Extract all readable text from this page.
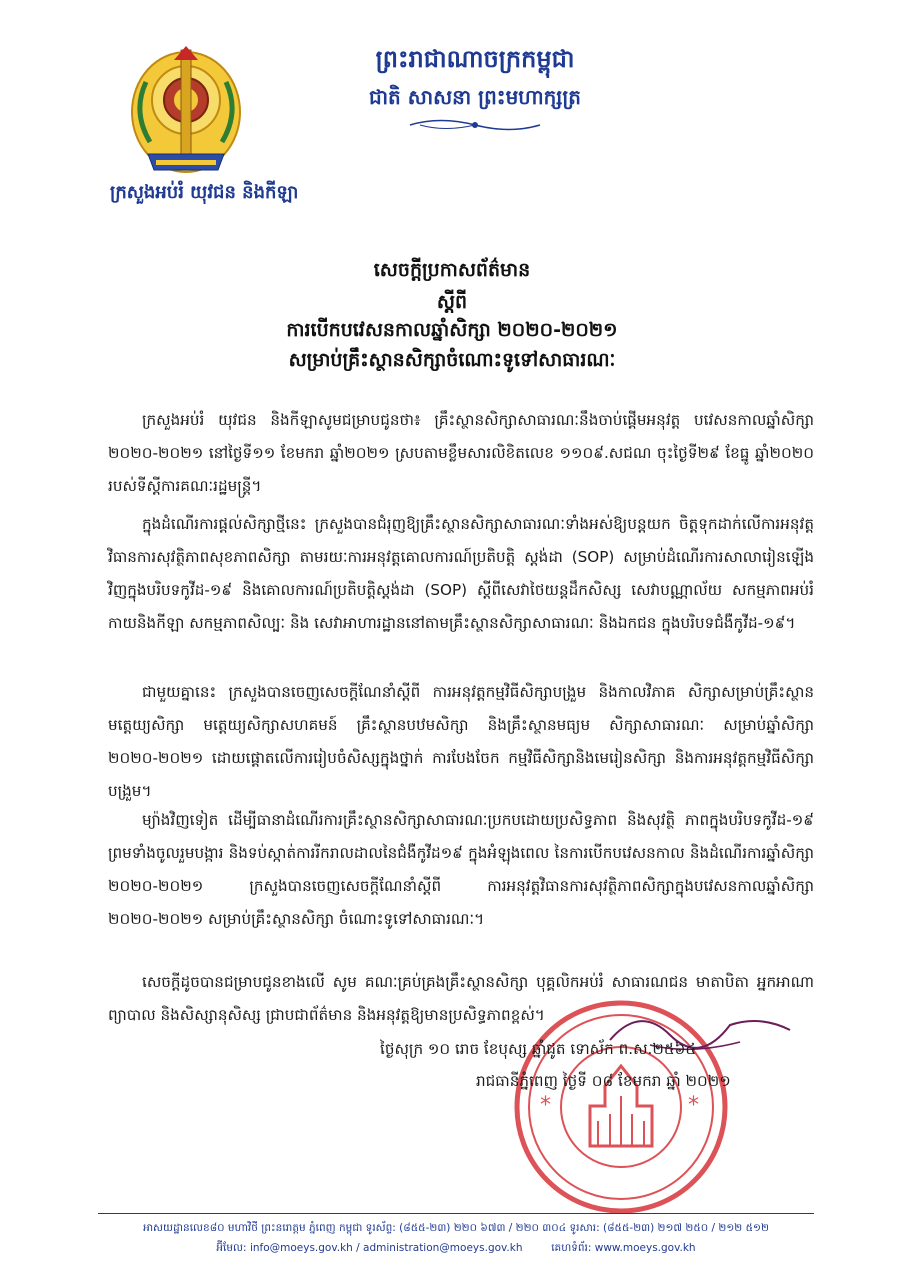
ព្រះរាជាណាចក្រកម្ពុជា
ជាតិ សាសនា ព្រះមហាក្សត្រ
ក្រសួងអប់រំ យុវជន និងកីឡា
សេចក្តីប្រកាសព័ត៌មាន
ស្តីពី
ការបើកបវេសនកាលឆ្នាំសិក្សា ២០២០-២០២១
សម្រាប់គ្រឹះស្ថានសិក្សាចំណោះទូទៅសាធារណៈ
ក្រសួងអប់រំ យុវជន និងកីឡាសូមជម្រាបជូនថា៖ គ្រឹះស្ថានសិក្សាសាធារណៈនឹងចាប់ផ្តើមអនុវត្ត បវេសនកាលឆ្នាំសិក្សា ២០២០-២០២១ នៅថ្ងៃទី១១ ខែមករា ឆ្នាំ២០២១ ស្របតាមខ្លឹមសារលិខិតលេខ ១១០៩.សជណ ចុះថ្ងៃទី២៩ ខែធ្នូ ឆ្នាំ២០២០ របស់ទីស្តីការគណៈរដ្ឋមន្ត្រី។
ក្នុងដំណើរការផ្តល់សិក្សាថ្មីនេះ ក្រសួងបានជំរុញឱ្យគ្រឹះស្ថានសិក្សាសាធារណៈទាំងអស់ឱ្យបន្តយក ចិត្តទុកដាក់លើការអនុវត្តវិធានការសុវត្ថិភាពសុខភាពសិក្សា តាមរយៈការអនុវត្តគោលការណ៍ប្រតិបត្តិ ស្តង់ដា (SOP) សម្រាប់ដំណើរការសាលារៀនឡើងវិញក្នុងបរិបទកូវីដ-១៩ និងគោលការណ៍ប្រតិបត្តិស្តង់ដា (SOP) ស្តីពីសេវាថៃយន្តដឹកសិស្ស សេវាបណ្ណាល័យ សកម្មភាពអប់រំកាយនិងកីឡា សកម្មភាពសិល្បៈ និង សេវាអាហារដ្ឋាននៅតាមគ្រឹះស្ថានសិក្សាសាធារណៈ និងឯកជន ក្នុងបរិបទជំងឺកូវីដ-១៩។
ជាមួយគ្នានេះ ក្រសួងបានចេញសេចក្តីណែនាំស្តីពី ការអនុវត្តកម្មវិធីសិក្សាបង្រួម និងកាលវិភាគ សិក្សាសម្រាប់គ្រឹះស្ថានមត្តេយ្យសិក្សា មត្តេយ្យសិក្សាសហគមន៍ គ្រឹះស្ថានបឋមសិក្សា និងគ្រឹះស្ថានមធ្យម សិក្សាសាធារណៈ សម្រាប់ឆ្នាំសិក្សា ២០២០-២០២១ ដោយផ្តោតលើការរៀបចំសិស្សក្នុងថ្នាក់ ការបែងចែក កម្មវិធីសិក្សានិងមេរៀនសិក្សា និងការអនុវត្តកម្មវិធីសិក្សាបង្រួម។
ម្យ៉ាងវិញទៀត ដើម្បីធានាដំណើរការគ្រឹះស្ថានសិក្សាសាធារណៈប្រកបដោយប្រសិទ្ធភាព និងសុវត្ថិ ភាពក្នុងបរិបទកូវីដ-១៩ ព្រមទាំងចូលរួមបង្ការ និងទប់ស្កាត់ការរីករាលដាលនៃជំងឺកូវីដ១៩ ក្នុងអំឡុងពេល នៃការបើកបវេសនកាល និងដំណើរការឆ្នាំសិក្សា ២០២០-២០២១ ក្រសួងបានចេញសេចក្តីណែនាំស្តីពី ការអនុវត្តវិធានការសុវត្ថិភាពសិក្សាក្នុងបវេសនកាលឆ្នាំសិក្សា ២០២០-២០២១ សម្រាប់គ្រឹះស្ថានសិក្សា ចំណោះទូទៅសាធារណៈ។
សេចក្តីដូចបានជម្រាបជូនខាងលើ សូម គណៈគ្រប់គ្រងគ្រឹះស្ថានសិក្សា បុគ្គលិកអប់រំ សាធារណជន មាតាបិតា អ្នកអាណាព្យាបាល និងសិស្សានុសិស្ស ជ្រាបជាព័ត៌មាន និងអនុវត្តឱ្យមានប្រសិទ្ធភាពខ្ពស់។
*	*
ថ្ងៃសុក្រ ១០ រោច ខែបុស្ស ឆ្នាំជូត ទោស័ក ព.ស.២៥៦៤
រាជធានីភ្នំពេញ ថ្ងៃទី ០៨ ខែមករា ឆ្នាំ ២០២១
អាសយដ្ឋានលេខ៨០ មហាវិថី ព្រះនរោត្តម ភ្នំពេញ កម្ពុជា ទូរស័ព្ទ: (៨៥៥-២៣) ២២០ ៦៧៣ / ២២០ ៣០៤ ទូរសារ: (៨៥៥-២៣) ២១៧ ២៥០ / ២១២ ៥១២
អ៊ីមែល: info@moeys.gov.kh / administration@moeys.gov.kh	គេហទំព័រ: www.moeys.gov.kh
